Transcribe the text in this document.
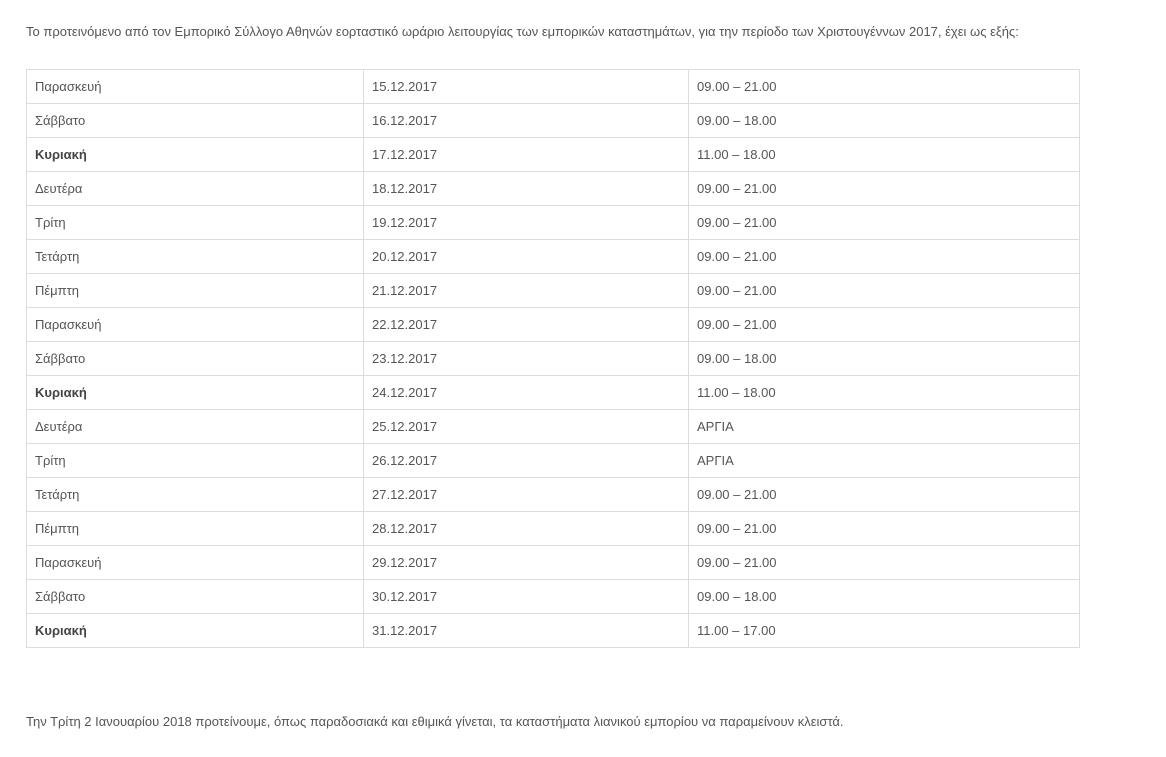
Το προτεινόμενο από τον Εμπορικό Σύλλογο Αθηνών εορταστικό ωράριο λειτουργίας των εμπορικών καταστημάτων, για την περίοδο των Χριστουγέννων 2017, έχει ως εξής:

Παρασκευή	15.12.2017	09.00 – 21.00
Σάββατο	16.12.2017	09.00 – 18.00
Κυριακή	17.12.2017	11.00 – 18.00
Δευτέρα	18.12.2017	09.00 – 21.00
Τρίτη	19.12.2017	09.00 – 21.00
Τετάρτη	20.12.2017	09.00 – 21.00
Πέμπτη	21.12.2017	09.00 – 21.00
Παρασκευή	22.12.2017	09.00 – 21.00
Σάββατο	23.12.2017	09.00 – 18.00
Κυριακή	24.12.2017	11.00 – 18.00
Δευτέρα	25.12.2017	ΑΡΓΙΑ
Τρίτη	26.12.2017	ΑΡΓΙΑ
Τετάρτη	27.12.2017	09.00 – 21.00
Πέμπτη	28.12.2017	09.00 – 21.00
Παρασκευή	29.12.2017	09.00 – 21.00
Σάββατο	30.12.2017	09.00 – 18.00
Κυριακή	31.12.2017	11.00 – 17.00

Την Τρίτη 2 Ιανουαρίου 2018 προτείνουμε, όπως παραδοσιακά και εθιμικά γίνεται, τα καταστήματα λιανικού εμπορίου να παραμείνουν κλειστά.
